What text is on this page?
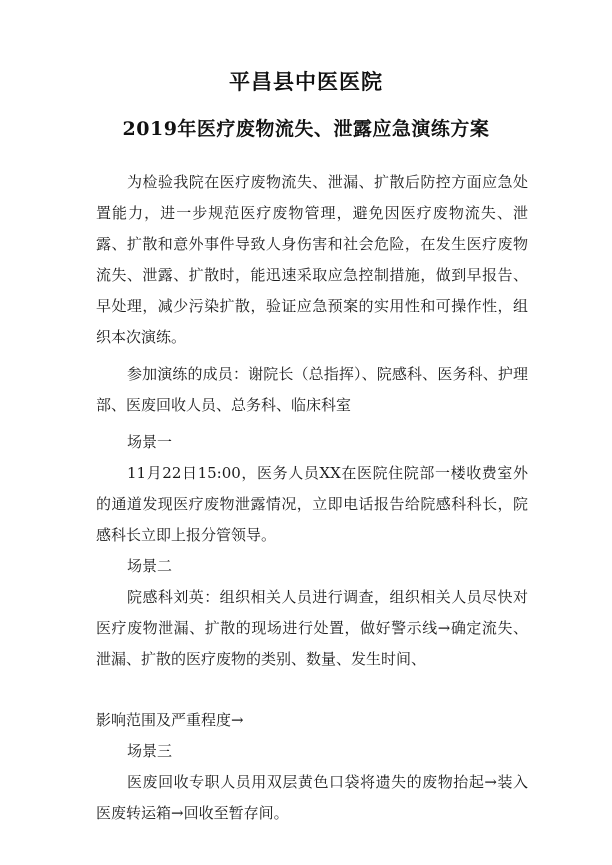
平昌县中医医院
2019年医疗废物流失、泄露应急演练方案

为检验我院在医疗废物流失、泄漏、扩散后防控方面应急处置能力，进一步规范医疗废物管理，避免因医疗废物流失、泄露、扩散和意外事件导致人身伤害和社会危险，在发生医疗废物流失、泄露、扩散时，能迅速采取应急控制措施，做到早报告、早处理，减少污染扩散，验证应急预案的实用性和可操作性，组织本次演练。

参加演练的成员：谢院长（总指挥）、院感科、医务科、护理部、医废回收人员、总务科、临床科室

场景一

11月22日15:00，医务人员XX在医院住院部一楼收费室外的通道发现医疗废物泄露情况，立即电话报告给院感科科长，院感科长立即上报分管领导。

场景二

院感科刘英：组织相关人员进行调查，组织相关人员尽快对医疗废物泄漏、扩散的现场进行处置，做好警示线→确定流失、泄漏、扩散的医疗废物的类别、数量、发生时间、

影响范围及严重程度→

场景三

医废回收专职人员用双层黄色口袋将遗失的废物抬起→装入医废转运箱→回收至暂存间。
